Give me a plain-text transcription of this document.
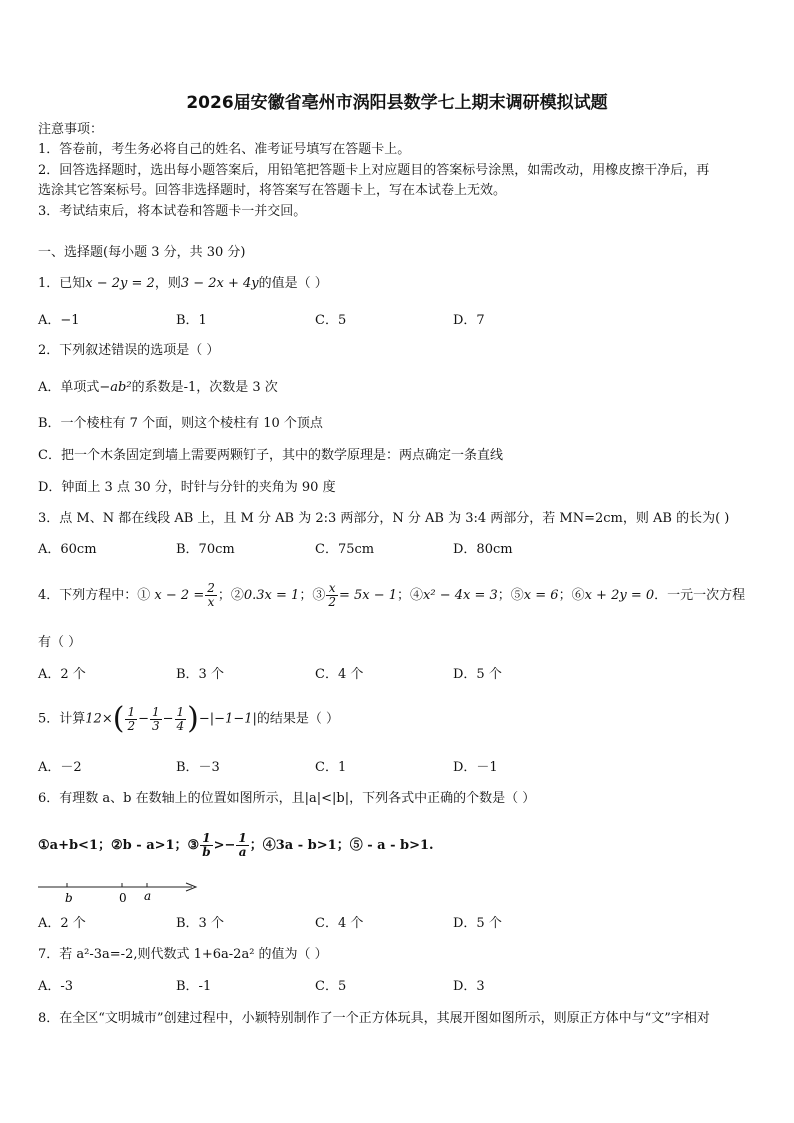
2026届安徽省亳州市涡阳县数学七上期末调研模拟试题
注意事项：
1．答卷前，考生务必将自己的姓名、准考证号填写在答题卡上。
2．回答选择题时，选出每小题答案后，用铅笔把答题卡上对应题目的答案标号涂黑，如需改动，用橡皮擦干净后，再
选涂其它答案标号。回答非选择题时，将答案写在答题卡上，写在本试卷上无效。
3．考试结束后，将本试卷和答题卡一并交回。
一、选择题(每小题 3 分，共 30 分)
1．已知x − 2y = 2，则3 − 2x + 4y的值是（ ）
A．−1	B．1	C．5	D．7
2．下列叙述错误的选项是（ ）
A．单项式−ab²的系数是-1，次数是 3 次
B．一个棱柱有 7 个面，则这个棱柱有 10 个顶点
C．把一个木条固定到墙上需要两颗钉子，其中的数学原理是：两点确定一条直线
D．钟面上 3 点 30 分，时针与分针的夹角为 90 度
3．点 M、N 都在线段 AB 上，且 M 分 AB 为 2:3 两部分，N 分 AB 为 3:4 两部分，若 MN=2cm，则 AB 的长为( )
A．60cm	B．70cm	C．75cm	D．80cm
4．下列方程中：① $x - 2 = \frac{2}{x}$ ；②0.3x = 1；③ $\frac{x}{2} = 5x - 1$；④x² − 4x = 3；⑤x = 6；⑥x + 2y = 0．一元一次方程
有（ ）
A．2 个	B．3 个	C．4 个	D．5 个
5．计算$12\times( \frac{1}{2} - \frac{1}{3} - \frac{1}{4} )-|-1-1|$的结果是（ ）
A．－2	B．－3	C．1	D．－1
6．有理数 a、b 在数轴上的位置如图所示，且|a|<|b|，下列各式中正确的个数是（ ）
①a+b<1；②b - a>1；③ $\frac{1}{b} >- \frac{1}{a}$ ；④3a - b>1；⑤ - a - b>1.
b	0 a
A．2 个	B．3 个	C．4 个	D．5 个
7．若 a²-3a=-2,则代数式 1+6a-2a² 的值为（ ）
A．-3	B．-1	C．5	D．3
8．在全区“文明城市”创建过程中，小颖特别制作了一个正方体玩具，其展开图如图所示，则原正方体中与“文”字相对
